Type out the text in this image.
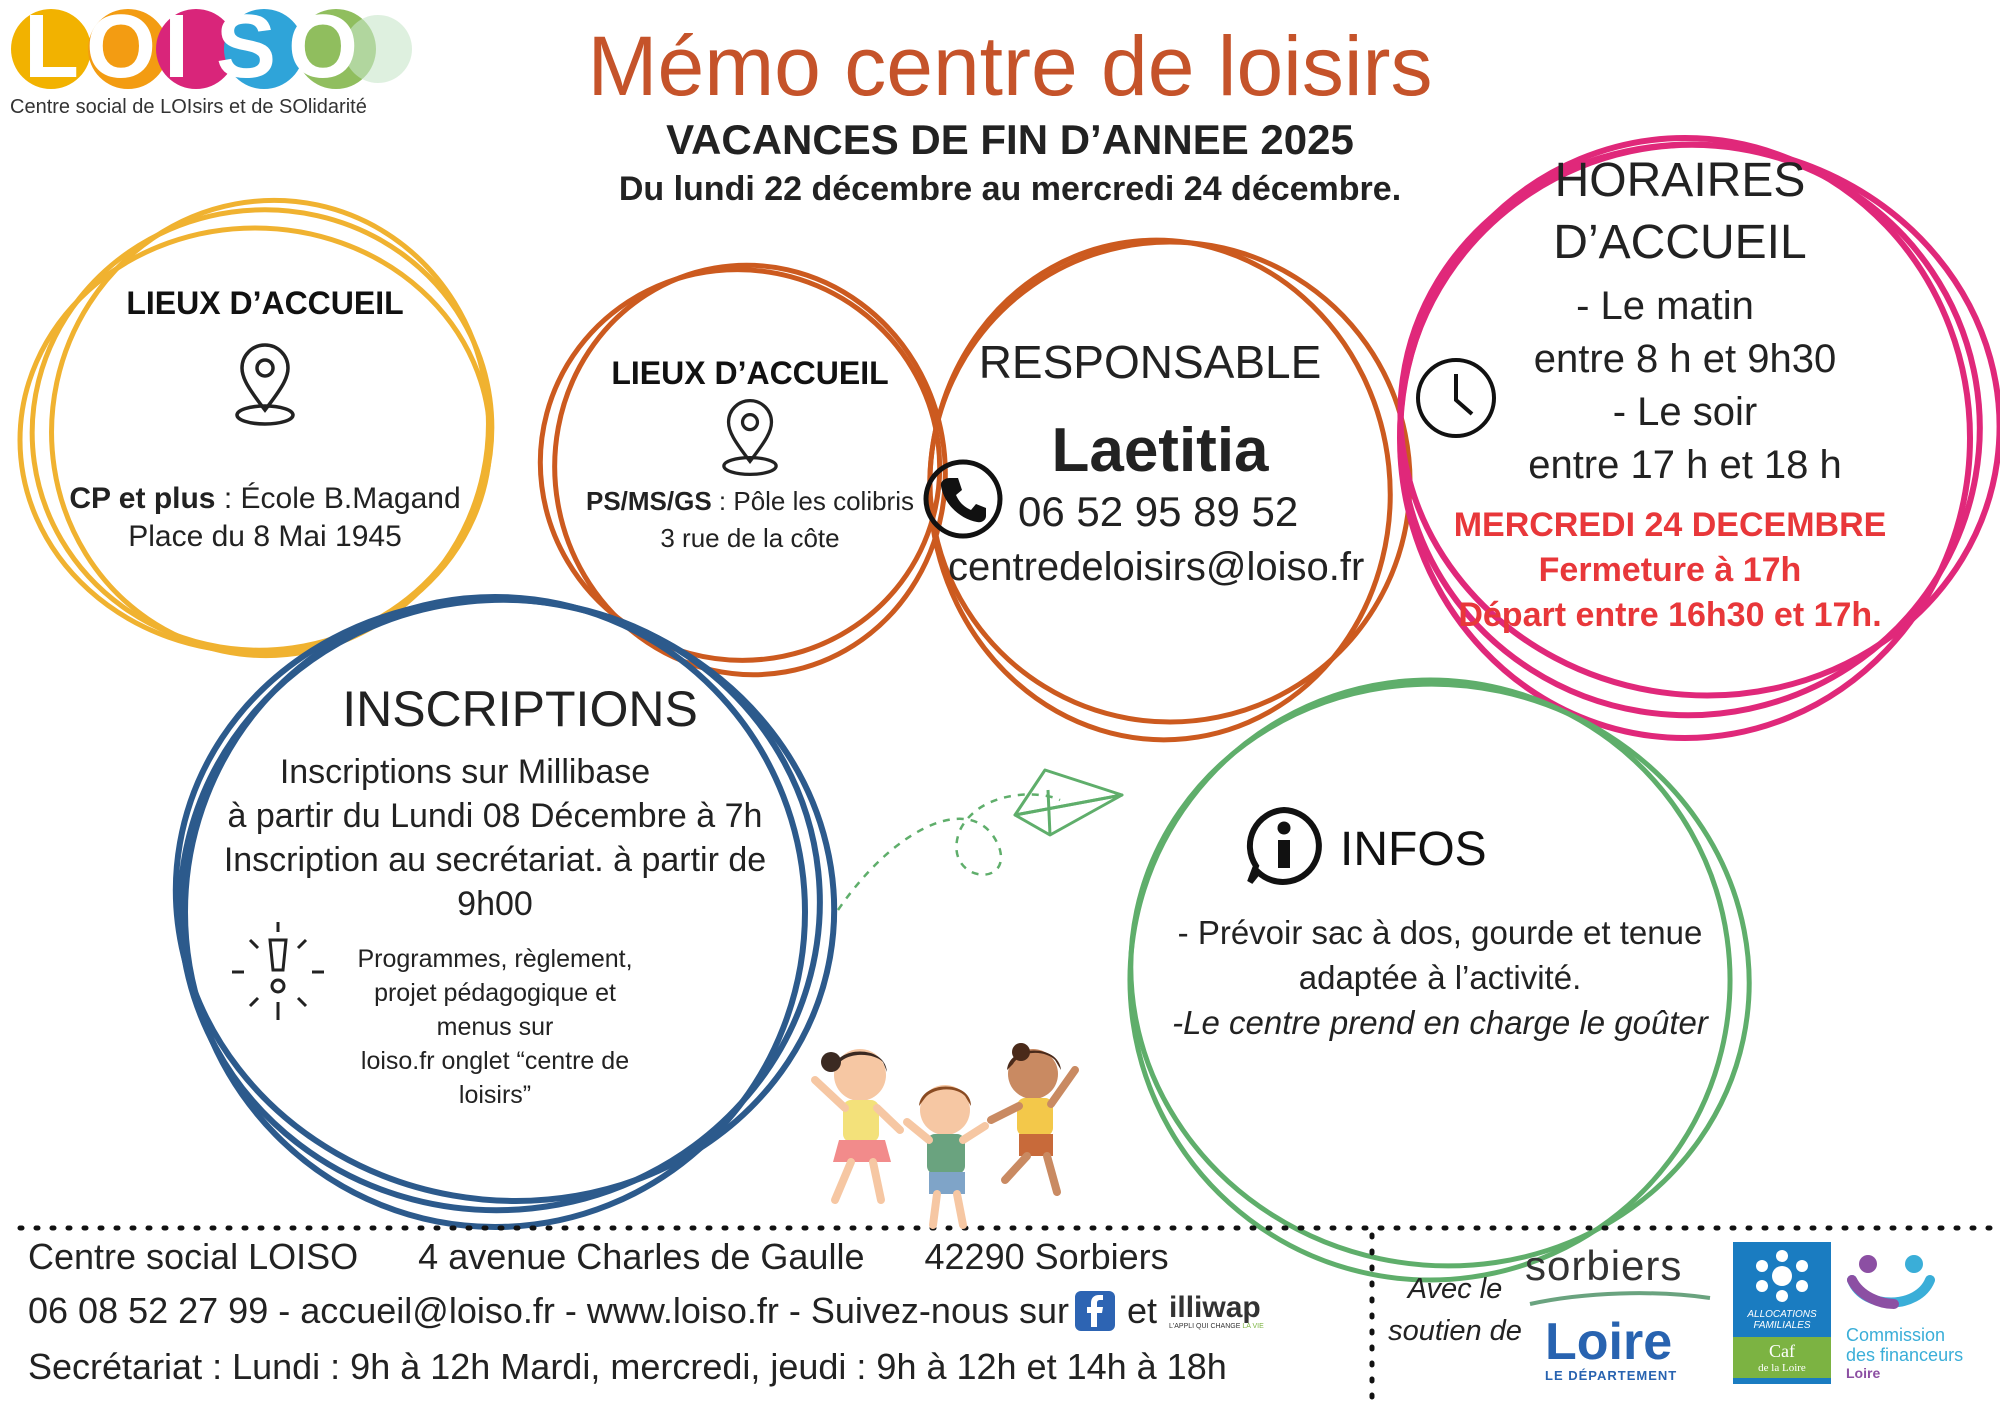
L O I S O
Centre social de LOIsirs et de SOlidarité	Mémo centre de loisirs
VACANCES DE FIN D’ANNEE 2025
Du lundi 22 décembre au mercredi 24 décembre.
LIEUX D’ACCUEIL
CP et plus : École B.Magand
Place du 8 Mai 1945
LIEUX D’ACCUEIL
PS/MS/GS : Pôle les colibris
3 rue de la côte
RESPONSABLE
Laetitia
06 52 95 89 52
centredeloisirs@loiso.fr
HORAIRES
D’ACCUEIL
- Le matin
entre 8 h et 9h30
- Le soir
entre 17 h et 18 h
MERCREDI 24 DECEMBRE
Fermeture à 17h
Départ entre 16h30 et 17h.
INSCRIPTIONS
Inscriptions sur Millibase
à partir du Lundi 08 Décembre à 7h
Inscription au secrétariat. à partir de
9h00
Programmes, règlement,
projet pédagogique et
menus sur
loiso.fr onglet “centre de
loisirs”
INFOS
- Prévoir sac à dos, gourde et tenue
adaptée à l’activité.
-Le centre prend en charge le goûter
Centre social LOISO 4 avenue Charles de Gaulle 42290 Sorbiers
06 08 52 27 99 - accueil@loiso.fr - www.loiso.fr - Suivez-nous sur et illiwap
L'APPLI QUI CHANGE LA VIE
Secrétariat : Lundi : 9h à 12h Mardi, mercredi, jeudi : 9h à 12h et 14h à 18h
Avec le
soutien de
sorbiers
Loire
LE DÉPARTEMENT
ALLOCATIONS
FAMILIALES
Caf
de la Loire
Commission
des financeurs
Loire
